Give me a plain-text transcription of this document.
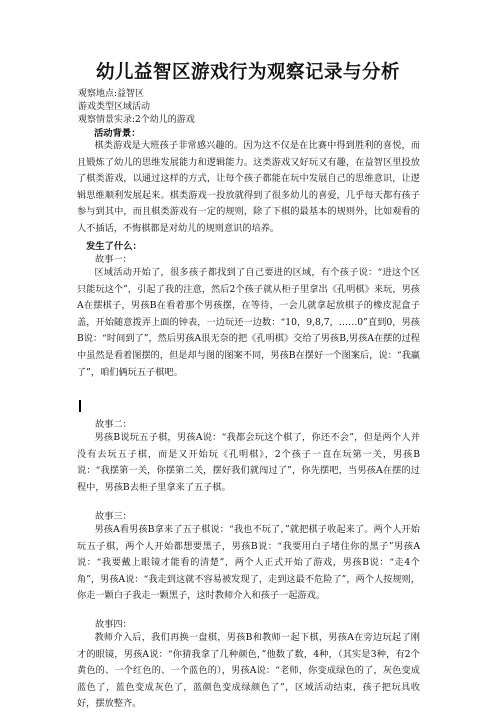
幼儿益智区游戏行为观察记录与分析

观察地点:益智区

游戏类型区域活动

观察情景实录:2个幼儿的游戏

活动背景：

棋类游戏是大班孩子非常感兴趣的。因为这不仅是在比赛中得到胜利的喜悦，而且锻炼了幼儿的思维发展能力和逻辑能力。这类游戏又好玩又有趣，在益智区里投放了棋类游戏，以通过这样的方式，让每个孩子都能在玩中发展自己的思维意识，让逻辑思维顺利发展起来。棋类游戏一投放就得到了很多幼儿的喜爱，几乎每天都有孩子参与到其中，而且棋类游戏有一定的规则，除了下棋的最基本的规则外，比如观看的人不插话，不悔棋都是对幼儿的规则意识的培养。

发生了什么：

故事一：

区域活动开始了，很多孩子都找到了自己要进的区域，有个孩子说：“进这个区只能玩这个”，引起了我的注意，然后2个孩子就从柜子里拿出《孔明棋》来玩，男孩A在摆棋子，男孩B在看着那个男孩摆，在等待，一会儿就拿起放棋子的橡皮泥盒子盖，开始随意拨弄上面的钟表，一边玩还一边数：“10，9,8,7，……0”直到0，男孩B说：“时间到了”，然后男孩A很无奈的把《孔明棋》交给了男孩B,男孩A在摆的过程中虽然是看着图摆的，但是却与图的图案不同，男孩B在摆好一个图案后，说：“我赢了”，咱们俩玩五子棋吧。

故事二：

男孩B说玩五子棋，男孩A说：“我都会玩这个棋了，你还不会”，但是两个人并没有去玩五子棋，而是又开始玩《孔明棋》，2个孩子一直在玩第一关，男孩B说：“我摆第一关，你摆第二关，摆好我们就闯过了”，你先摆吧，当男孩A在摆的过程中，男孩B去柜子里拿来了五子棋。

故事三：

男孩A看男孩B拿来了五子棋说：“我也不玩了，”就把棋子收起来了。两个人开始玩五子棋，两个人开始都想要黑子，男孩B说：“我要用白子堵住你的黑子”男孩A说：“我要戴上眼镜才能看的清楚”，两个人正式开始了游戏，男孩B说：“走4个角”，男孩A说：“我走到这就不容易被发现了，走到这最不危险了”，两个人按规则，你走一颗白子我走一颗黑子，这时教师介入和孩子一起游戏。

故事四：

教师介入后，我们再换一盘棋，男孩B和教师一起下棋，男孩A在旁边玩起了刚才的眼镜，男孩A说：“你猜我拿了几种颜色，”他数了数，4种，（其实是3种，有2个黄色的、一个红色的、一个蓝色的），男孩A说：“老师，你变成绿色的了，灰色变成蓝色了，蓝色变成灰色了，蓝颜色变成绿颜色了”，区域活动结束，孩子把玩具收好，摆放整齐。
